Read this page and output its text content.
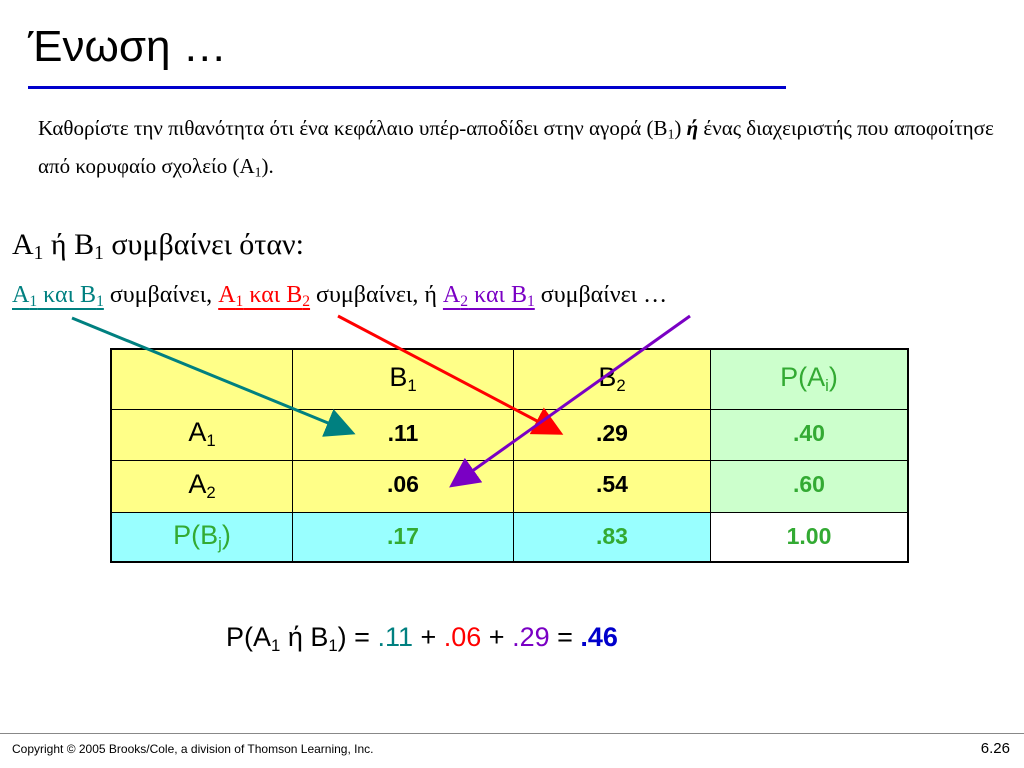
Ένωση …
Καθορίστε την πιθανότητα ότι ένα κεφάλαιο υπέρ-αποδίδει στην αγορά $(B_1)$ ή ένας διαχειριστής που αποφοίτησε από κορυφαίο σχολείο $(A_1)$.
$A_1$ ή $B_1$ συμβαίνει όταν:
$A_1$ και $B_1$ συμβαίνει, $A_1$ και $B_2$ συμβαίνει, ή $A_2$ και $B_1$ συμβαίνει …
	$B_1$	$B_2$	$P(A_i)$
$A_1$	.11	.29	.40
$A_2$	.06	.54	.60
$P(B_j)$	.17	.83	1.00
$P(A_1$ ή $B_1) = .11 + .06 + .29 = .46$
Copyright © 2005 Brooks/Cole, a division of Thomson Learning, Inc.	6.26
